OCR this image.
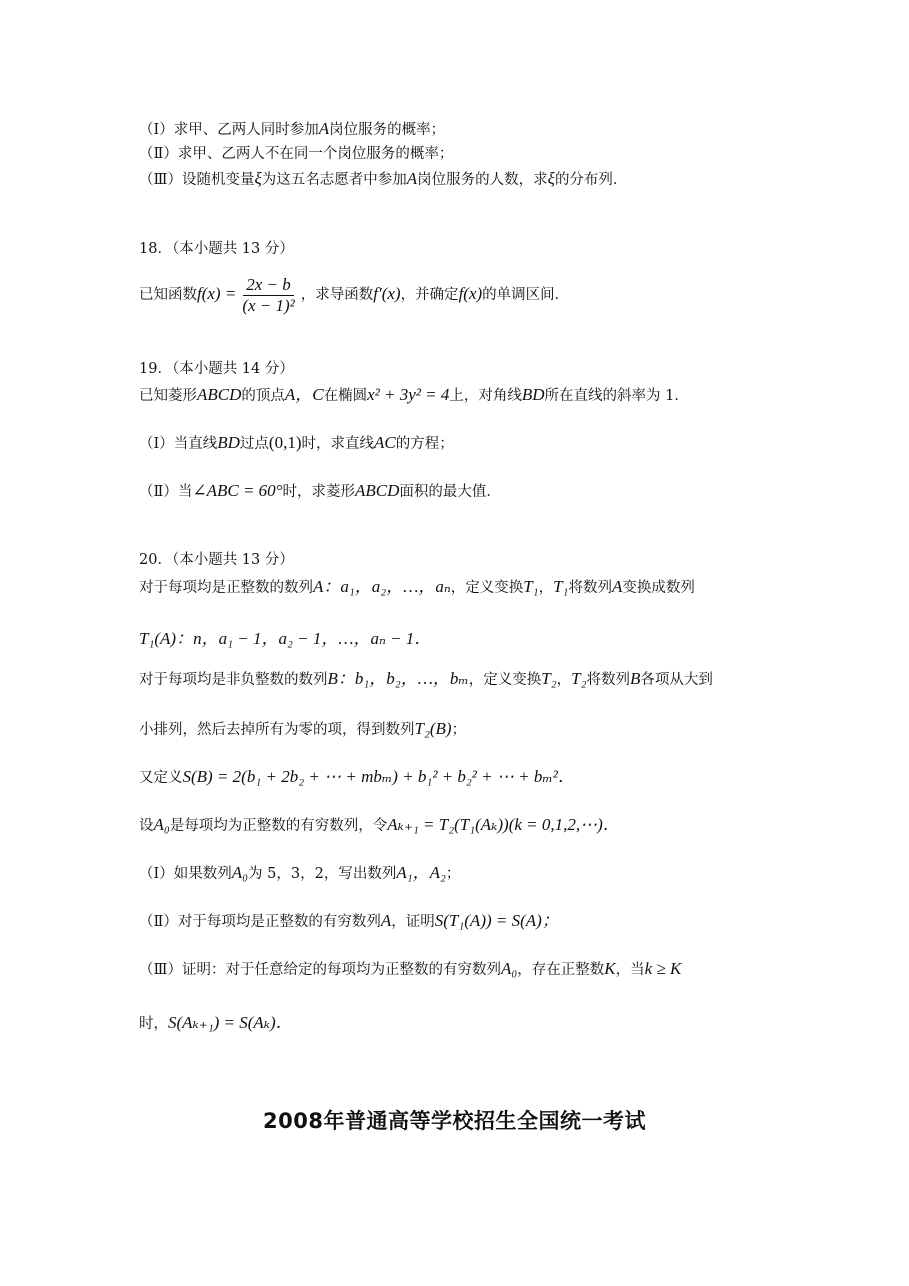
（Ⅰ）求甲、乙两人同时参加A岗位服务的概率；
（Ⅱ）求甲、乙两人不在同一个岗位服务的概率；
（Ⅲ）设随机变量ξ为这五名志愿者中参加A岗位服务的人数，求ξ的分布列．
18．（本小题共 13 分）
已知函数$f(x) = \frac{2x - b}{\text{(x − 1)²}}$ ，求导函数f′(x)，并确定f(x)的单调区间．
19．（本小题共 14 分）
已知菱形ABCD的顶点A，C在椭圆x² + 3y² = 4上，对角线BD所在直线的斜率为 1．
（Ⅰ）当直线BD过点(0,1)时，求直线AC的方程；
（Ⅱ）当∠ABC = 60°时，求菱形ABCD面积的最大值．
20．（本小题共 13 分）
对于每项均是正整数的数列A：a₁，a₂，…，aₙ，定义变换T₁，T₁将数列A变换成数列
T₁(A)：n，a₁ − 1，a₂ − 1，…，aₙ − 1．
对于每项均是非负整数的数列B：b₁，b₂，…，bₘ，定义变换T₂，T₂将数列B各项从大到
小排列，然后去掉所有为零的项，得到数列T₂(B)；
又定义S(B) = 2(b₁ + 2b₂ + ⋯ + mbₘ) + b₁² + b₂² + ⋯ + bₘ²．
设A₀是每项均为正整数的有穷数列，令Aₖ₊₁ = T₂(T₁(Aₖ))(k = 0,1,2,⋯)．
（Ⅰ）如果数列A₀为 5，3，2，写出数列A₁，A₂；
（Ⅱ）对于每项均是正整数的有穷数列A，证明S(T₁(A)) = S(A)；
（Ⅲ）证明：对于任意给定的每项均为正整数的有穷数列A₀，存在正整数K，当k ≥ K
时，S(Aₖ₊₁) = S(Aₖ)．
2008年普通高等学校招生全国统一考试
